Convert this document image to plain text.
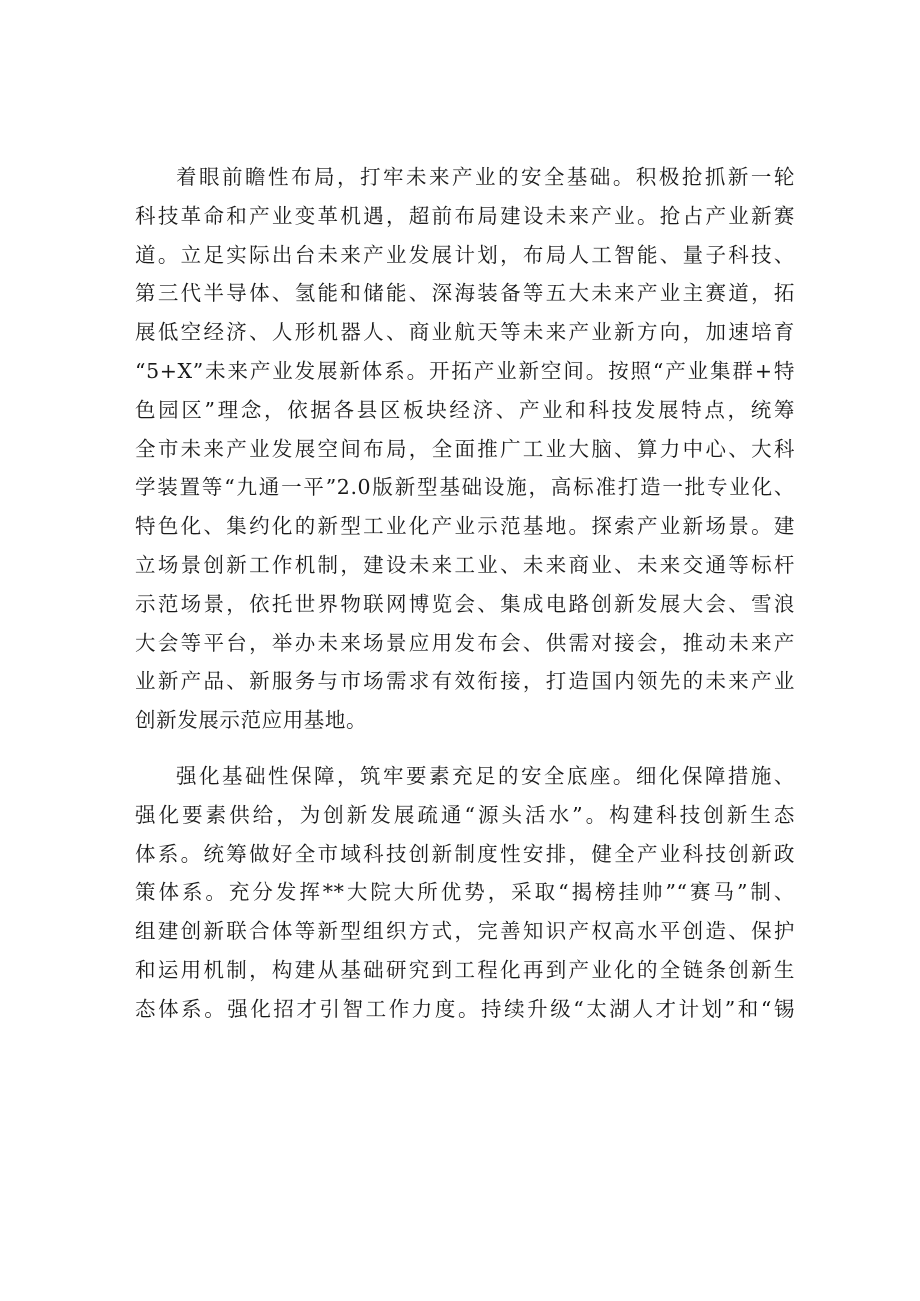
着眼前瞻性布局，打牢未来产业的安全基础。积极抢抓新一轮
科技革命和产业变革机遇，超前布局建设未来产业。抢占产业新赛
道。立足实际出台未来产业发展计划，布局人工智能、量子科技、
第三代半导体、氢能和储能、深海装备等五大未来产业主赛道，拓
展低空经济、人形机器人、商业航天等未来产业新方向，加速培育
“5+X”未来产业发展新体系。开拓产业新空间。按照“产业集群+特
色园区”理念，依据各县区板块经济、产业和科技发展特点，统筹
全市未来产业发展空间布局，全面推广工业大脑、算力中心、大科
学装置等“九通一平”2.0版新型基础设施，高标准打造一批专业化、
特色化、集约化的新型工业化产业示范基地。探索产业新场景。建
立场景创新工作机制，建设未来工业、未来商业、未来交通等标杆
示范场景，依托世界物联网博览会、集成电路创新发展大会、雪浪
大会等平台，举办未来场景应用发布会、供需对接会，推动未来产
业新产品、新服务与市场需求有效衔接，打造国内领先的未来产业
创新发展示范应用基地。
强化基础性保障，筑牢要素充足的安全底座。细化保障措施、
强化要素供给，为创新发展疏通“源头活水”。构建科技创新生态
体系。统筹做好全市域科技创新制度性安排，健全产业科技创新政
策体系。充分发挥**大院大所优势，采取“揭榜挂帅”“赛马”制、
组建创新联合体等新型组织方式，完善知识产权高水平创造、保护
和运用机制，构建从基础研究到工程化再到产业化的全链条创新生
态体系。强化招才引智工作力度。持续升级“太湖人才计划”和“锡
